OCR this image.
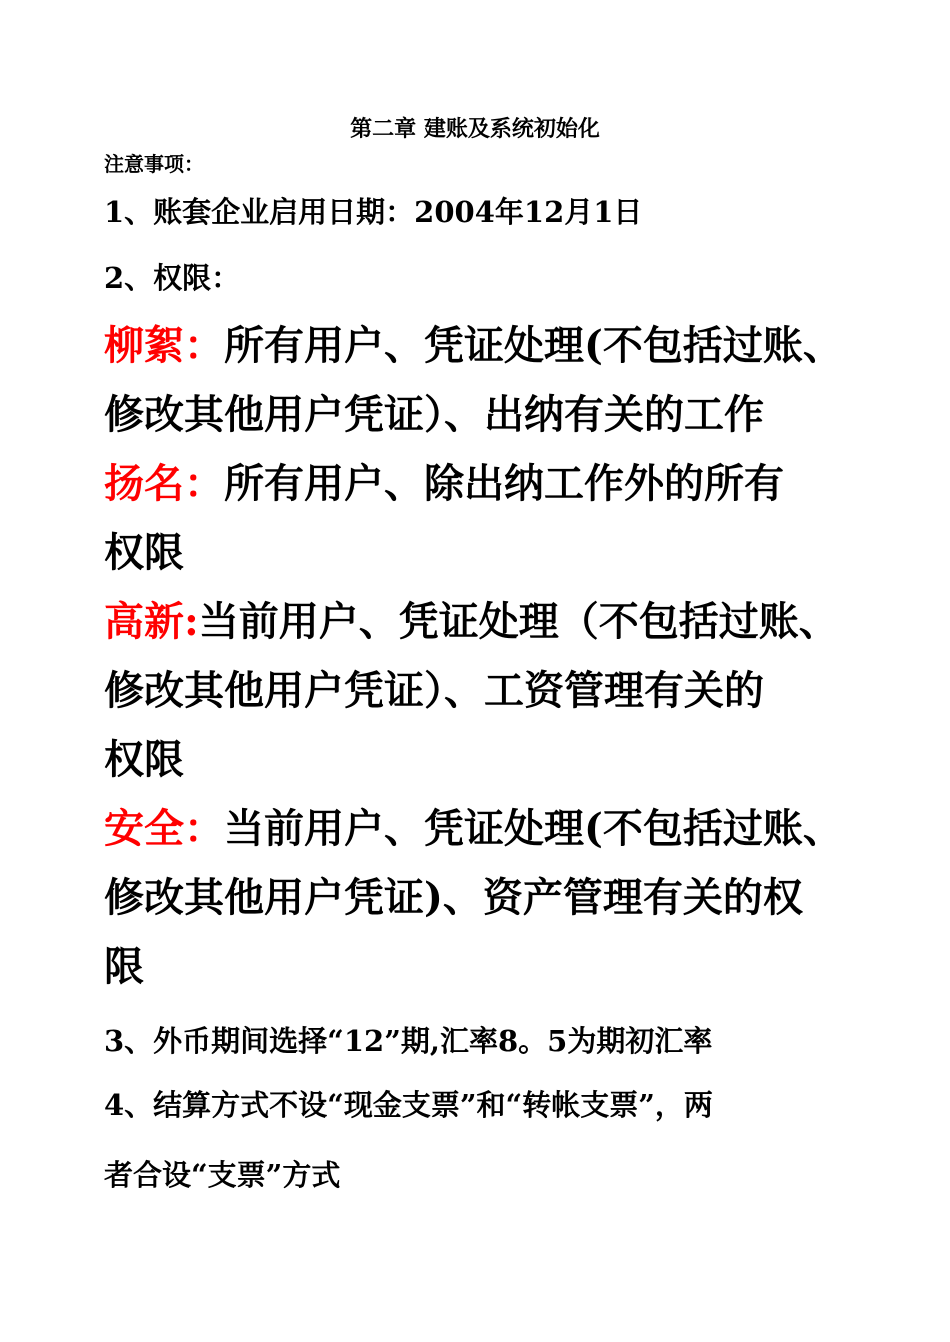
第二章 建账及系统初始化
注意事项：
1、账套企业启用日期：2004年12月1日
2、权限：
柳絮：所有用户、凭证处理(不包括过账、
修改其他用户凭证）、出纳有关的工作
扬名：所有用户、除出纳工作外的所有
权限
高新:当前用户、凭证处理（不包括过账、
修改其他用户凭证）、工资管理有关的
权限
安全：当前用户、凭证处理(不包括过账、
修改其他用户凭证)、资产管理有关的权
限
3、外币期间选择“12”期,汇率8。5为期初汇率
4、结算方式不设“现金支票”和“转帐支票”，两
者合设“支票”方式
